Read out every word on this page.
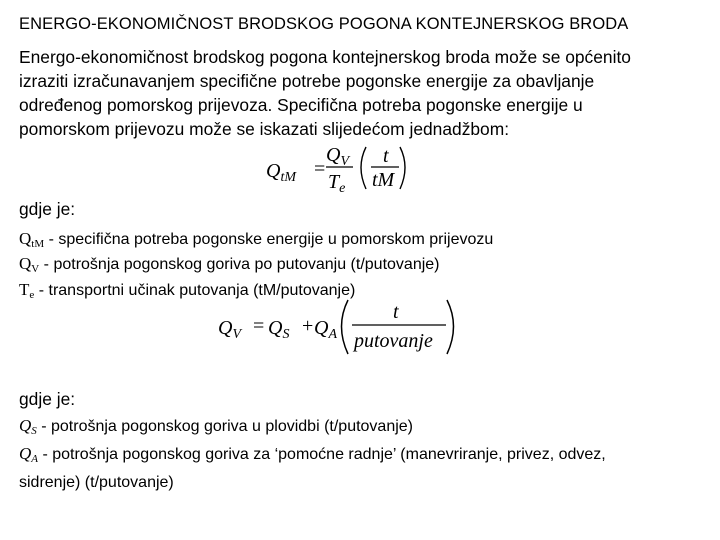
ENERGO-EKONOMIČNOST BRODSKOG POGONA KONTEJNERSKOG BRODA
Energo-ekonomičnost brodskog pogona kontejnerskog broda može se općenito izraziti izračunavanjem specifične potrebe pogonske energije za obavljanje određenog pomorskog prijevoza. Specifična potreba pogonske energije u pomorskom prijevozu može se iskazati slijedećom jednadžbom:
$Q_{tM}$ =
$Q_V$
$T_e$
t
tM
gdje je:
$Q_{tM}$ - specifična potreba pogonske energije u pomorskom prijevozu
$Q_V$ - potrošnja pogonskog goriva po putovanju (t/putovanje)
$T_e$ - transportni učinak putovanja (tM/putovanje)
$Q_V = Q_S + Q_A$
t
putovanje
gdje je:
$Q_S$ - potrošnja pogonskog goriva u plovidbi (t/putovanje)
$Q_A$ - potrošnja pogonskog goriva za ‘pomoćne radnje’ (manevriranje, privez, odvez, sidrenje) (t/putovanje)
